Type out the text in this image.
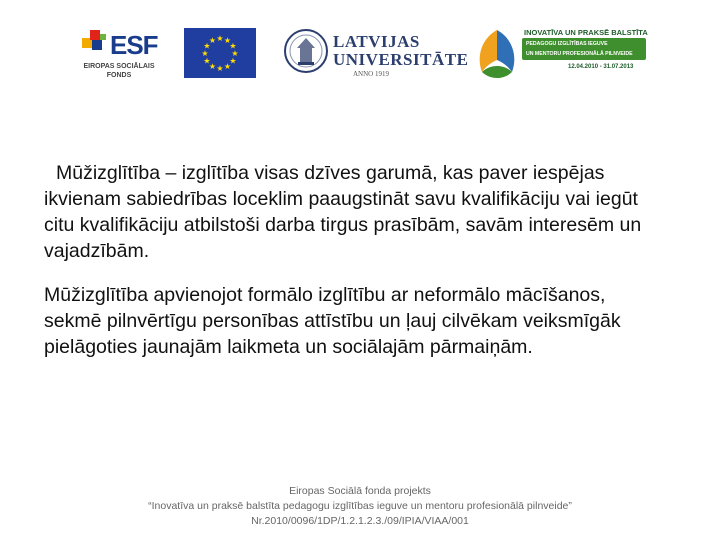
ESF
EIROPAS SOCIĀLAIS FONDS
★ ★
★
★
★
★
★
★
★
★
★
★	LATVIJAS
UNIVERSITĀTE
ANNO 1919
INOVATĪVA UN PRAKSĒ BALSTĪTA
PEDAGOGU IZGLĪTĪBAS IEGUVE
UN MENTORU PROFESIONĀLĀ PILNVEIDE
12.04.2010 - 31.07.2013

Mūžizglītība – izglītība visas dzīves garumā, kas paver iespējas ikvienam sabiedrības loceklim paaugstināt savu kvalifikāciju vai iegūt citu kvalifikāciju atbilstoši darba tirgus prasībām, savām interesēm un vajadzībām.

Mūžizglītība apvienojot formālo izglītību ar neformālo mācīšanos, sekmē pilnvērtīgu personības attīstību un ļauj cilvēkam veiksmīgāk pielāgoties jaunajām laikmeta un sociālajām pārmaiņām.

Eiropas Sociālā fonda projekts
“Inovatīva un praksē balstīta pedagogu izglītības ieguve un mentoru profesionālā pilnveide”
Nr.2010/0096/1DP/1.2.1.2.3./09/IPIA/VIAA/001
